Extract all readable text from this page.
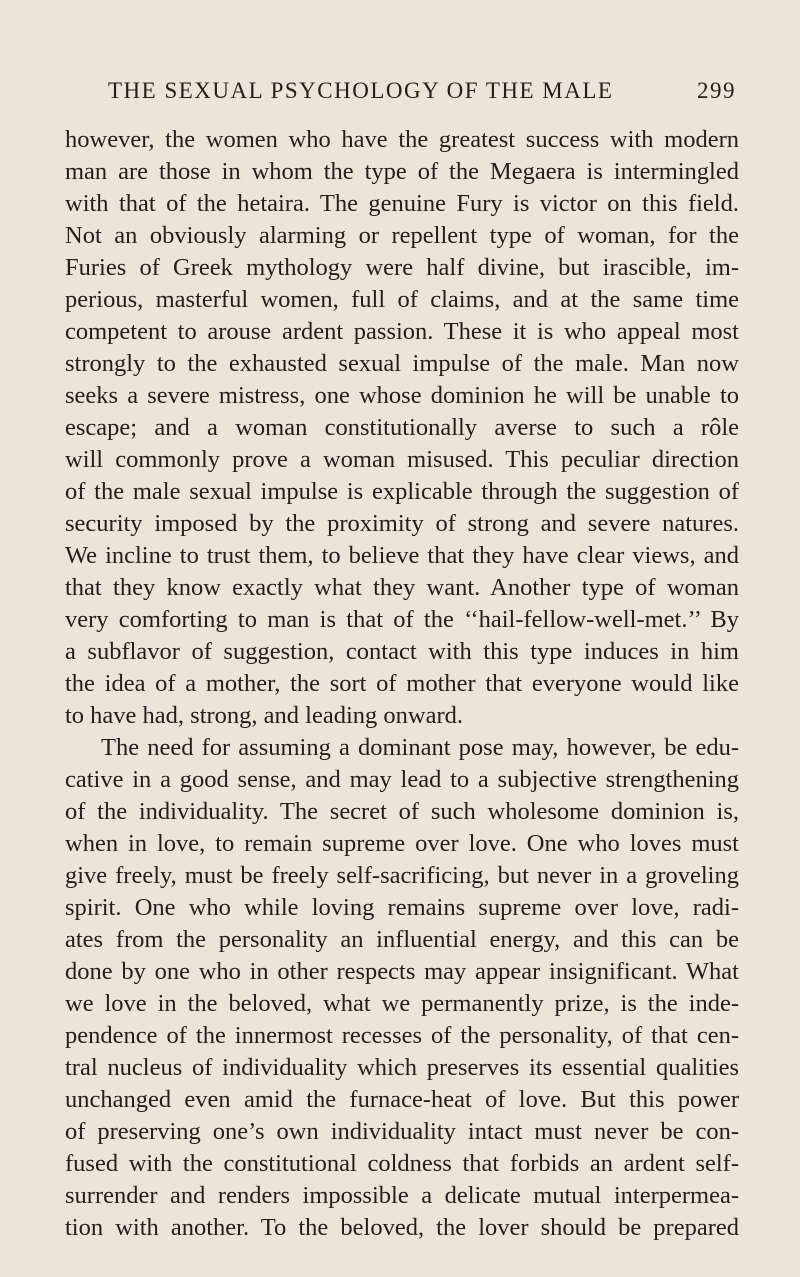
THE SEXUAL PSYCHOLOGY OF THE MALE	299
however, the women who have the greatest success with modern
man are those in whom the type of the Megaera is intermingled
with that of the hetaira. The genuine Fury is victor on this field.
Not an obviously alarming or repellent type of woman, for the
Furies of Greek mythology were half divine, but irascible, im-
perious, masterful women, full of claims, and at the same time
competent to arouse ardent passion. These it is who appeal most
strongly to the exhausted sexual impulse of the male. Man now
seeks a severe mistress, one whose dominion he will be unable to
escape; and a woman constitutionally averse to such a rôle
will commonly prove a woman misused. This peculiar direction
of the male sexual impulse is explicable through the suggestion of
security imposed by the proximity of strong and severe natures.
We incline to trust them, to believe that they have clear views, and
that they know exactly what they want. Another type of woman
very comforting to man is that of the ‘‘hail-fellow-well-met.’’ By
a subflavor of suggestion, contact with this type induces in him
the idea of a mother, the sort of mother that everyone would like
to have had, strong, and leading onward.
The need for assuming a dominant pose may, however, be edu-
cative in a good sense, and may lead to a subjective strengthening
of the individuality. The secret of such wholesome dominion is,
when in love, to remain supreme over love. One who loves must
give freely, must be freely self-sacrificing, but never in a groveling
spirit. One who while loving remains supreme over love, radi-
ates from the personality an influential energy, and this can be
done by one who in other respects may appear insignificant. What
we love in the beloved, what we permanently prize, is the inde-
pendence of the innermost recesses of the personality, of that cen-
tral nucleus of individuality which preserves its essential qualities
unchanged even amid the furnace-heat of love. But this power
of preserving one’s own individuality intact must never be con-
fused with the constitutional coldness that forbids an ardent self-
surrender and renders impossible a delicate mutual interpermea-
tion with another. To the beloved, the lover should be prepared
